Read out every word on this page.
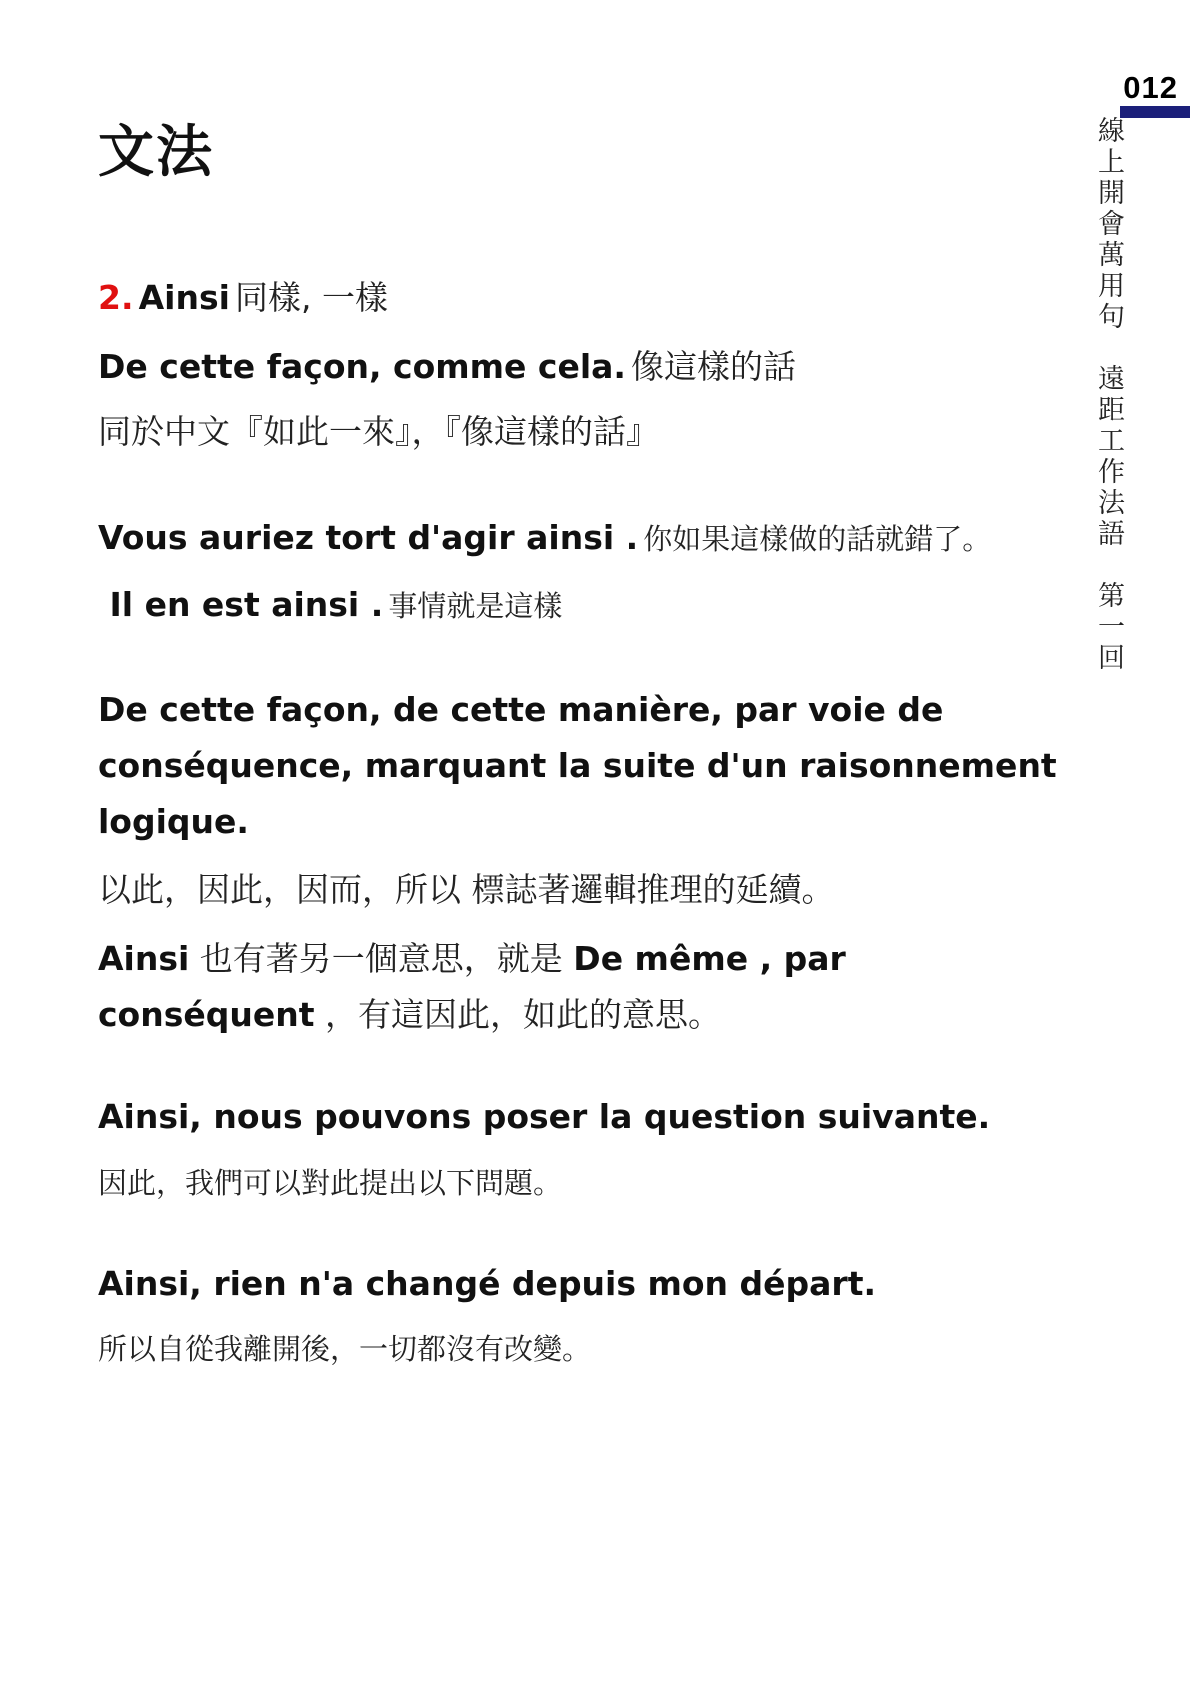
012
線上開會萬用句　遠距工作法語　第一回
文法
2. Ainsi 同樣, 一樣
De cette façon, comme cela. 像這樣的話
同於中文『如此一來』，『像這樣的話』
Vous auriez tort d'agir ainsi . 你如果這樣做的話就錯了。
Il en est ainsi . 事情就是這樣
De cette façon, de cette manière, par voie de
conséquence, marquant la suite d'un raisonnement
logique.
以此，因此，因而，所以 標誌著邏輯推理的延續。
Ainsi 也有著另一個意思，就是 De même , par
conséquent ，有這因此，如此的意思。
Ainsi, nous pouvons poser la question suivante.
因此，我們可以對此提出以下問題。
Ainsi, rien n'a changé depuis mon départ.
所以自從我離開後，一切都沒有改變。
